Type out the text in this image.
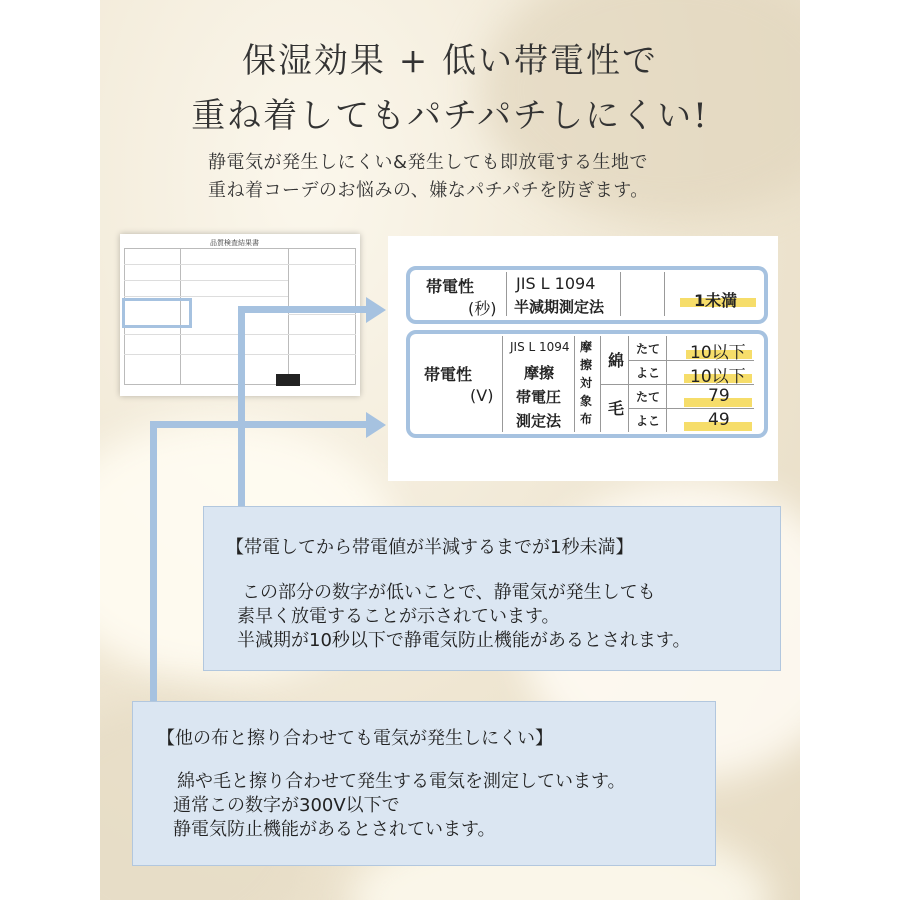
保湿効果 + 低い帯電性で
重ね着してもパチパチしにくい!
静電気が発生しにくい&発生しても即放電する生地で
重ね着コーデのお悩みの、嫌なパチパチを防ぎます。
品質検査結果書
帯電性
(秒)
JIS L 1094
半減期測定法	1未満
帯電性
(V)
JIS L 1094
摩擦
帯電圧
測定法
摩
擦
対
象
布
綿
毛
たて
よこ
たて
よこ
10以下
10以下
79
49
【帯電してから帯電値が半減するまでが1秒未満】
この部分の数字が低いことで、静電気が発生しても
素早く放電することが示されています。
半減期が10秒以下で静電気防止機能があるとされます。
【他の布と擦り合わせても電気が発生しにくい】
綿や毛と擦り合わせて発生する電気を測定しています。
通常この数字が300V以下で
静電気防止機能があるとされています。
